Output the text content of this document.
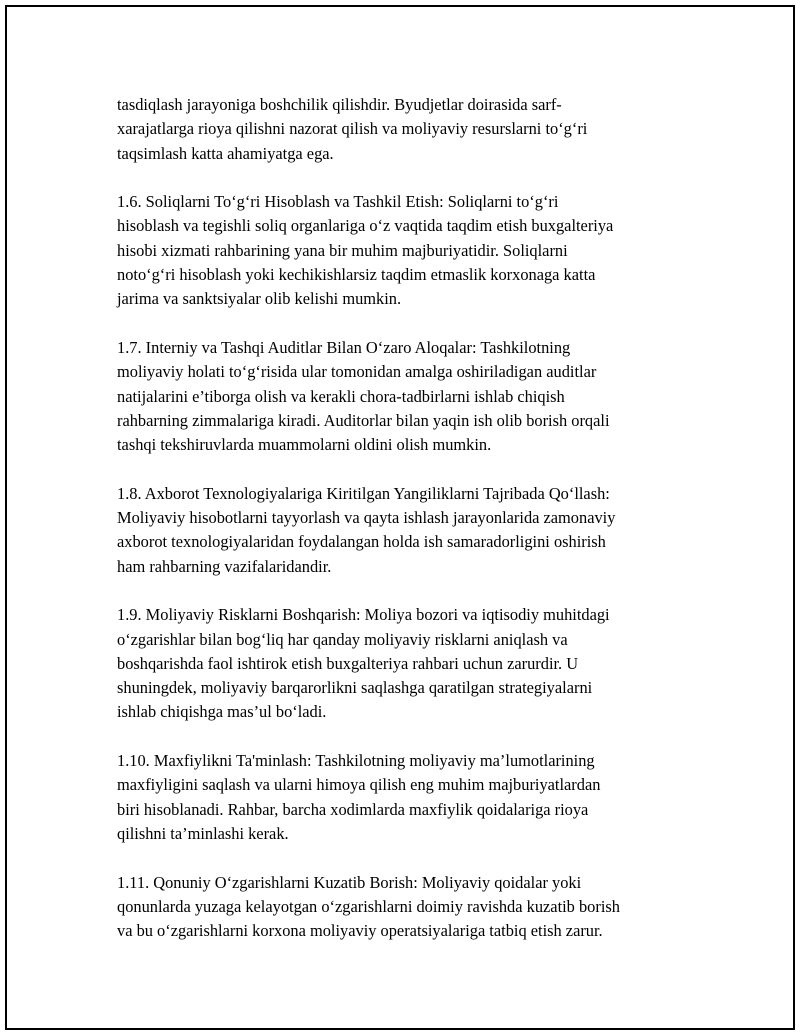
tasdiqlash jarayoniga boshchilik qilishdir. Byudjetlar doirasida sarf-
xarajatlarga rioya qilishni nazorat qilish va moliyaviy resurslarni to‘g‘ri
taqsimlash katta ahamiyatga ega.

1.6. Soliqlarni To‘g‘ri Hisoblash va Tashkil Etish: Soliqlarni to‘g‘ri
hisoblash va tegishli soliq organlariga o‘z vaqtida taqdim etish buxgalteriya
hisobi xizmati rahbarining yana bir muhim majburiyatidir. Soliqlarni
noto‘g‘ri hisoblash yoki kechikishlarsiz taqdim etmaslik korxonaga katta
jarima va sanktsiyalar olib kelishi mumkin.

1.7. Interniy va Tashqi Auditlar Bilan O‘zaro Aloqalar: Tashkilotning
moliyaviy holati to‘g‘risida ular tomonidan amalga oshiriladigan auditlar
natijalarini e’tiborga olish va kerakli chora-tadbirlarni ishlab chiqish
rahbarning zimmalariga kiradi. Auditorlar bilan yaqin ish olib borish orqali
tashqi tekshiruvlarda muammolarni oldini olish mumkin.

1.8. Axborot Texnologiyalariga Kiritilgan Yangiliklarni Tajribada Qo‘llash:
Moliyaviy hisobotlarni tayyorlash va qayta ishlash jarayonlarida zamonaviy
axborot texnologiyalaridan foydalangan holda ish samaradorligini oshirish
ham rahbarning vazifalaridandir.

1.9. Moliyaviy Risklarni Boshqarish: Moliya bozori va iqtisodiy muhitdagi
o‘zgarishlar bilan bog‘liq har qanday moliyaviy risklarni aniqlash va
boshqarishda faol ishtirok etish buxgalteriya rahbari uchun zarurdir. U
shuningdek, moliyaviy barqarorlikni saqlashga qaratilgan strategiyalarni
ishlab chiqishga mas’ul bo‘ladi.

1.10. Maxfiylikni Ta'minlash: Tashkilotning moliyaviy ma’lumotlarining
maxfiyligini saqlash va ularni himoya qilish eng muhim majburiyatlardan
biri hisoblanadi. Rahbar, barcha xodimlarda maxfiylik qoidalariga rioya
qilishni ta’minlashi kerak.

1.11. Qonuniy O‘zgarishlarni Kuzatib Borish: Moliyaviy qoidalar yoki
qonunlarda yuzaga kelayotgan o‘zgarishlarni doimiy ravishda kuzatib borish
va bu o‘zgarishlarni korxona moliyaviy operatsiyalariga tatbiq etish zarur.
